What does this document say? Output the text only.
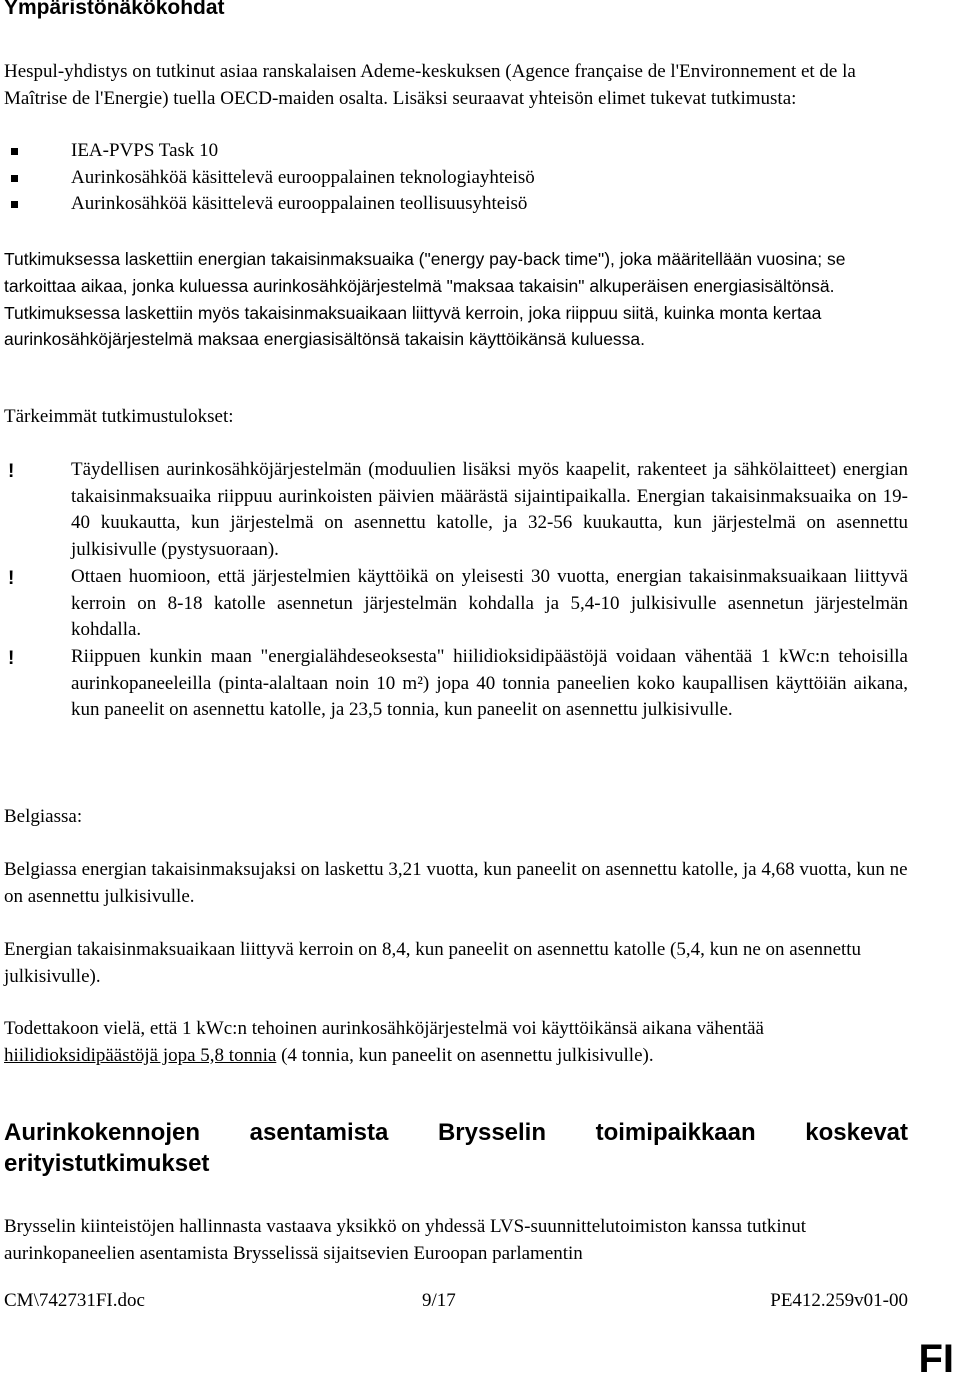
Ympäristönäkökohdat

Hespul-yhdistys on tutkinut asiaa ranskalaisen Ademe-keskuksen (Agence française de l'Environnement et de la Maîtrise de l'Energie) tuella OECD-maiden osalta. Lisäksi seuraavat yhteisön elimet tukevat tutkimusta:

IEA-PVPS Task 10
Aurinkosähköä käsittelevä eurooppalainen teknologiayhteisö
Aurinkosähköä käsittelevä eurooppalainen teollisuusyhteisö

Tutkimuksessa laskettiin energian takaisinmaksuaika ("energy pay-back time"), joka määritellään vuosina; se tarkoittaa aikaa, jonka kuluessa aurinkosähköjärjestelmä "maksaa takaisin" alkuperäisen energiasisältönsä. Tutkimuksessa laskettiin myös takaisinmaksuaikaan liittyvä kerroin, joka riippuu siitä, kuinka monta kertaa aurinkosähköjärjestelmä maksaa energiasisältönsä takaisin käyttöikänsä kuluessa.

Tärkeimmät tutkimustulokset:

!	Täydellisen aurinkosähköjärjestelmän (moduulien lisäksi myös kaapelit, rakenteet ja sähkölaitteet) energian takaisinmaksuaika riippuu aurinkoisten päivien määrästä sijaintipaikalla. Energian takaisinmaksuaika on 19-40 kuukautta, kun järjestelmä on asennettu katolle, ja 32-56 kuukautta, kun järjestelmä on asennettu julkisivulle (pystysuoraan).
!	Ottaen huomioon, että järjestelmien käyttöikä on yleisesti 30 vuotta, energian takaisinmaksuaikaan liittyvä kerroin on 8-18 katolle asennetun järjestelmän kohdalla ja 5,4-10 julkisivulle asennetun järjestelmän kohdalla.
!	Riippuen kunkin maan "energialähdeseoksesta" hiilidioksidipäästöjä voidaan vähentää 1 kWc:n tehoisilla aurinkopaneeleilla (pinta-alaltaan noin 10 m²) jopa 40 tonnia paneelien koko kaupallisen käyttöiän aikana, kun paneelit on asennettu katolle, ja 23,5 tonnia, kun paneelit on asennettu julkisivulle.

Belgiassa:

Belgiassa energian takaisinmaksujaksi on laskettu 3,21 vuotta, kun paneelit on asennettu katolle, ja 4,68 vuotta, kun ne on asennettu julkisivulle.

Energian takaisinmaksuaikaan liittyvä kerroin on 8,4, kun paneelit on asennettu katolle (5,4, kun ne on asennettu julkisivulle).

Todettakoon vielä, että 1 kWc:n tehoinen aurinkosähköjärjestelmä voi käyttöikänsä aikana vähentää hiilidioksidipäästöjä jopa 5,8 tonnia (4 tonnia, kun paneelit on asennettu julkisivulle).

Aurinkokennojen asentamista Brysselin toimipaikkaan koskevat erityistutkimukset

Brysselin kiinteistöjen hallinnasta vastaava yksikkö on yhdessä LVS-suunnittelutoimiston kanssa tutkinut aurinkopaneelien asentamista Brysselissä sijaitsevien Euroopan parlamentin

CM\742731FI.doc	9/17	PE412.259v01-00
FI
